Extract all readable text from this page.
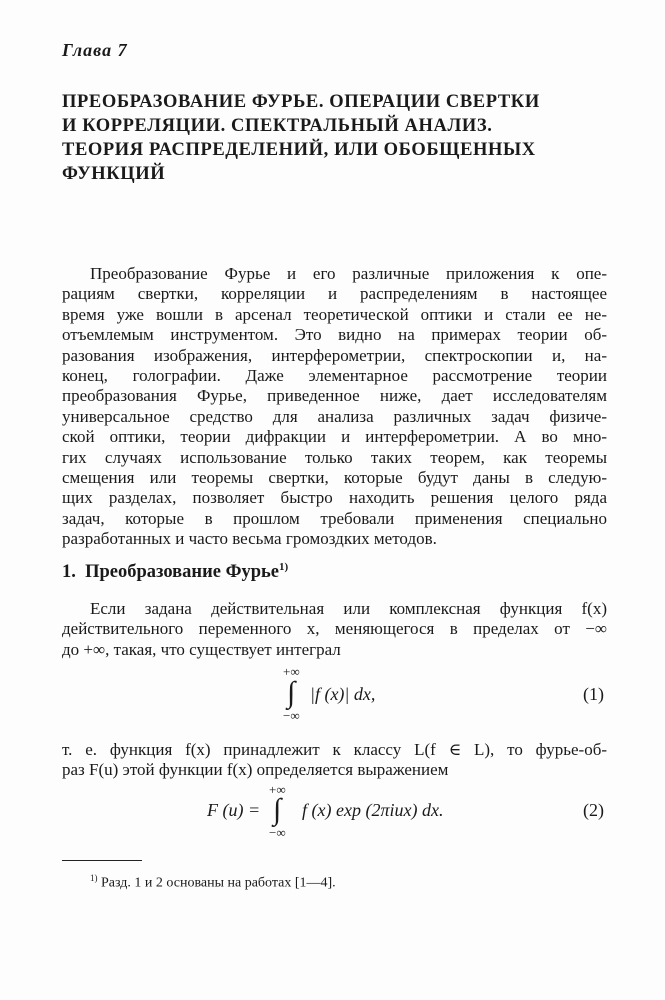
Глава 7
ПРЕОБРАЗОВАНИЕ ФУРЬЕ. ОПЕРАЦИИ СВЕРТКИ
И КОРРЕЛЯЦИИ. СПЕКТРАЛЬНЫЙ АНАЛИЗ.
ТЕОРИЯ РАСПРЕДЕЛЕНИЙ, ИЛИ ОБОБЩЕННЫХ
ФУНКЦИЙ
Преобразование Фурье и его различные приложения к опе-
рациям свертки, корреляции и распределениям в настоящее
время уже вошли в арсенал теоретической оптики и стали ее не-
отъемлемым инструментом. Это видно на примерах теории об-
разования изображения, интерферометрии, спектроскопии и, на-
конец, голографии. Даже элементарное рассмотрение теории
преобразования Фурье, приведенное ниже, дает исследователям
универсальное средство для анализа различных задач физиче-
ской оптики, теории дифракции и интерферометрии. А во мно-
гих случаях использование только таких теорем, как теоремы
смещения или теоремы свертки, которые будут даны в следую-
щих разделах, позволяет быстро находить решения целого ряда
задач, которые в прошлом требовали применения специально
разработанных и часто весьма громоздких методов.
1. Преобразование Фурье$^{1)}$
Если задана действительная или комплексная функция f(x)
действительного переменного x, меняющегося в пределах от −∞
до +∞, такая, что существует интеграл
+∞
∫
−∞
|f (x)| dx,	(1)
т. е. функция f(x) принадлежит к классу L(f ∈ L), то фурье-об-
раз F(u) этой функции f(x) определяется выражением
F (u) =
+∞
∫
−∞
f (x) exp (2πiux) dx.	(2)
$^{1)}$ Разд. 1 и 2 основаны на работах [1—4].
